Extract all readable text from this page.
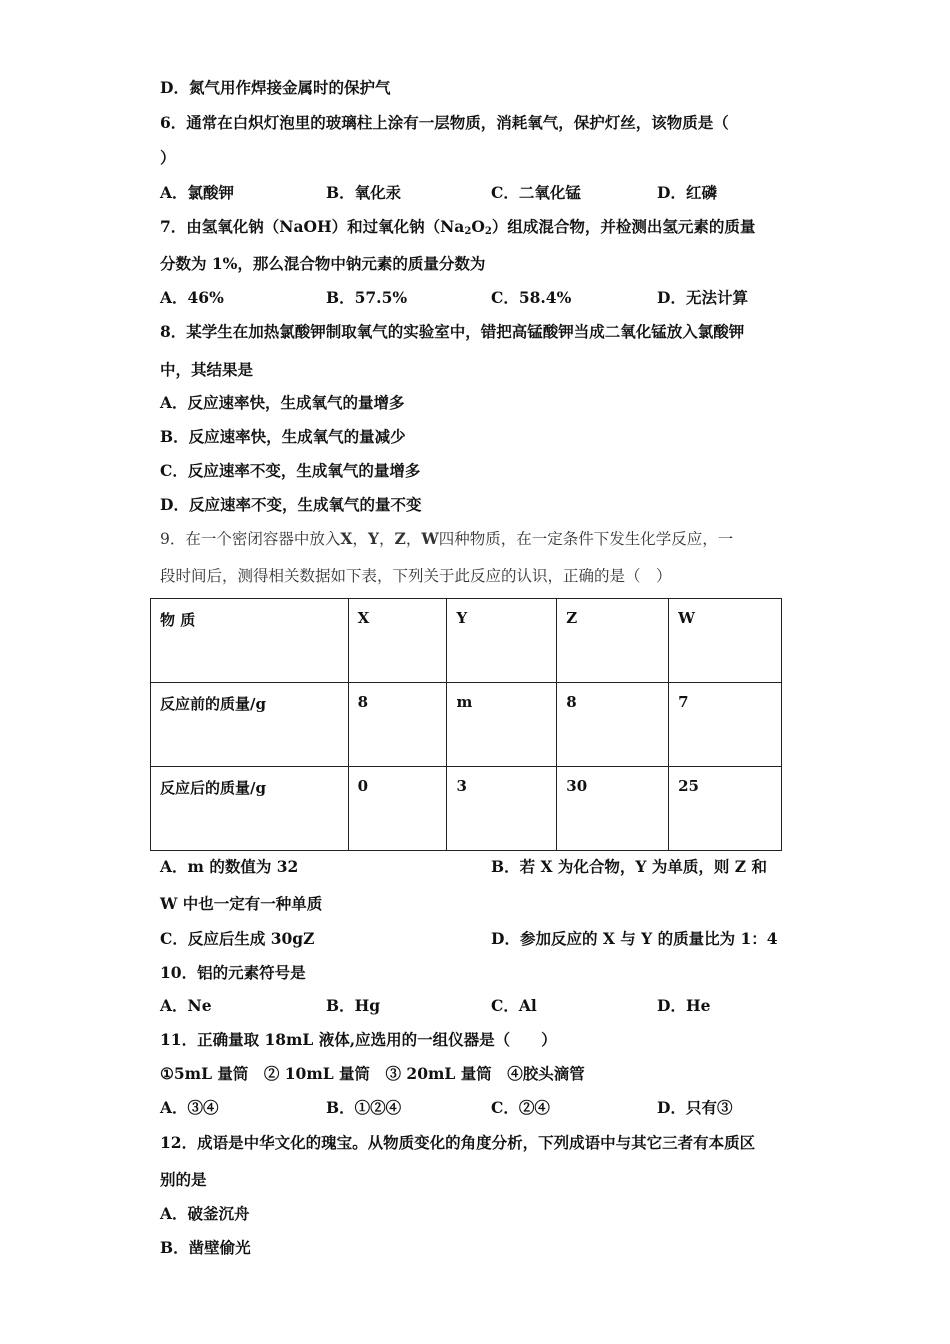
D．氮气用作焊接金属时的保护气
6．通常在白炽灯泡里的玻璃柱上涂有一层物质，消耗氧气，保护灯丝，该物质是（
）
A．氯酸钾	B．氧化汞	C．二氧化锰	D．红磷
7．由氢氧化钠（NaOH）和过氧化钠$(Na_2O_2)$组成混合物，并检测出氢元素的质量
分数为 1%，那么混合物中钠元素的质量分数为
A．46%	B．57.5%	C．58.4%	D．无法计算
8．某学生在加热氯酸钾制取氧气的实验室中，错把高锰酸钾当成二氧化锰放入氯酸钾
中，其结果是
A．反应速率快，生成氧气的量增多
B．反应速率快，生成氧气的量减少
C．反应速率不变，生成氧气的量增多
D．反应速率不变，生成氧气的量不变
9．在一个密闭容器中放入X，Y，Z，W四种物质，在一定条件下发生化学反应，一
段时间后，测得相关数据如下表，下列关于此反应的认识，正确的是（　）
物 质	X	Y	Z	W
反应前的质量/g	8	m	8	7
反应后的质量/g	0	3	30	25
A．m 的数值为 32	B．若 X 为化合物，Y 为单质，则 Z 和
W 中也一定有一种单质
C．反应后生成 30gZ	D．参加反应的 X 与 Y 的质量比为 1：4
10．铝的元素符号是
A．Ne	B．Hg	C．Al	D．He
11．正确量取 18mL 液体,应选用的一组仪器是（　　）
①5mL 量筒　② 10mL 量筒　③ 20mL 量筒　④胶头滴管
A．③④	B．①②④	C．②④	D．只有③
12．成语是中华文化的瑰宝。从物质变化的角度分析，下列成语中与其它三者有本质区
别的是
A．破釜沉舟
B．凿壁偷光
